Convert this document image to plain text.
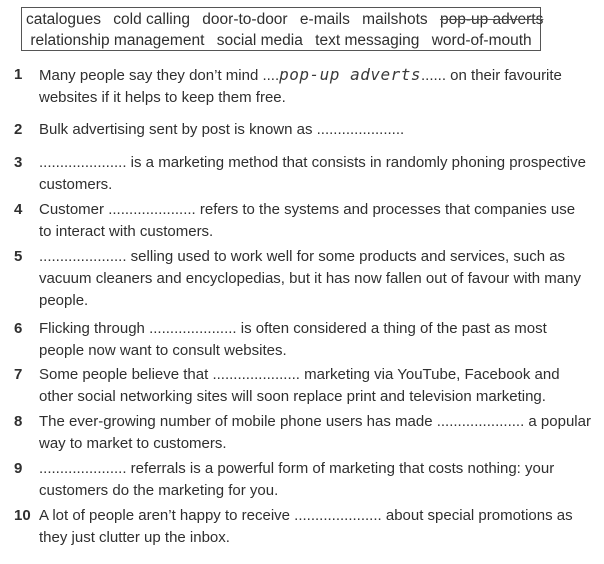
catalogues cold calling door-to-door e-mails mailshots pop-up adverts
relationship management social media text messaging word-of-mouth
1	Many people say they don’t mind ....pop-up adverts...... on their favourite websites if it helps to keep them free.
2	Bulk advertising sent by post is known as .....................
3	..................... is a marketing method that consists in randomly phoning prospective customers.
4	Customer ..................... refers to the systems and processes that companies use to interact with customers.
5	..................... selling used to work well for some products and services, such as vacuum cleaners and encyclopedias, but it has now fallen out of favour with many people.
6	Flicking through ..................... is often considered a thing of the past as most people now want to consult websites.
7	Some people believe that ..................... marketing via YouTube, Facebook and other social networking sites will soon replace print and television marketing.
8	The ever-growing number of mobile phone users has made ..................... a popular way to market to customers.
9	..................... referrals is a powerful form of marketing that costs nothing: your customers do the marketing for you.
10 A lot of people aren’t happy to receive ..................... about special promotions as they just clutter up the inbox.
